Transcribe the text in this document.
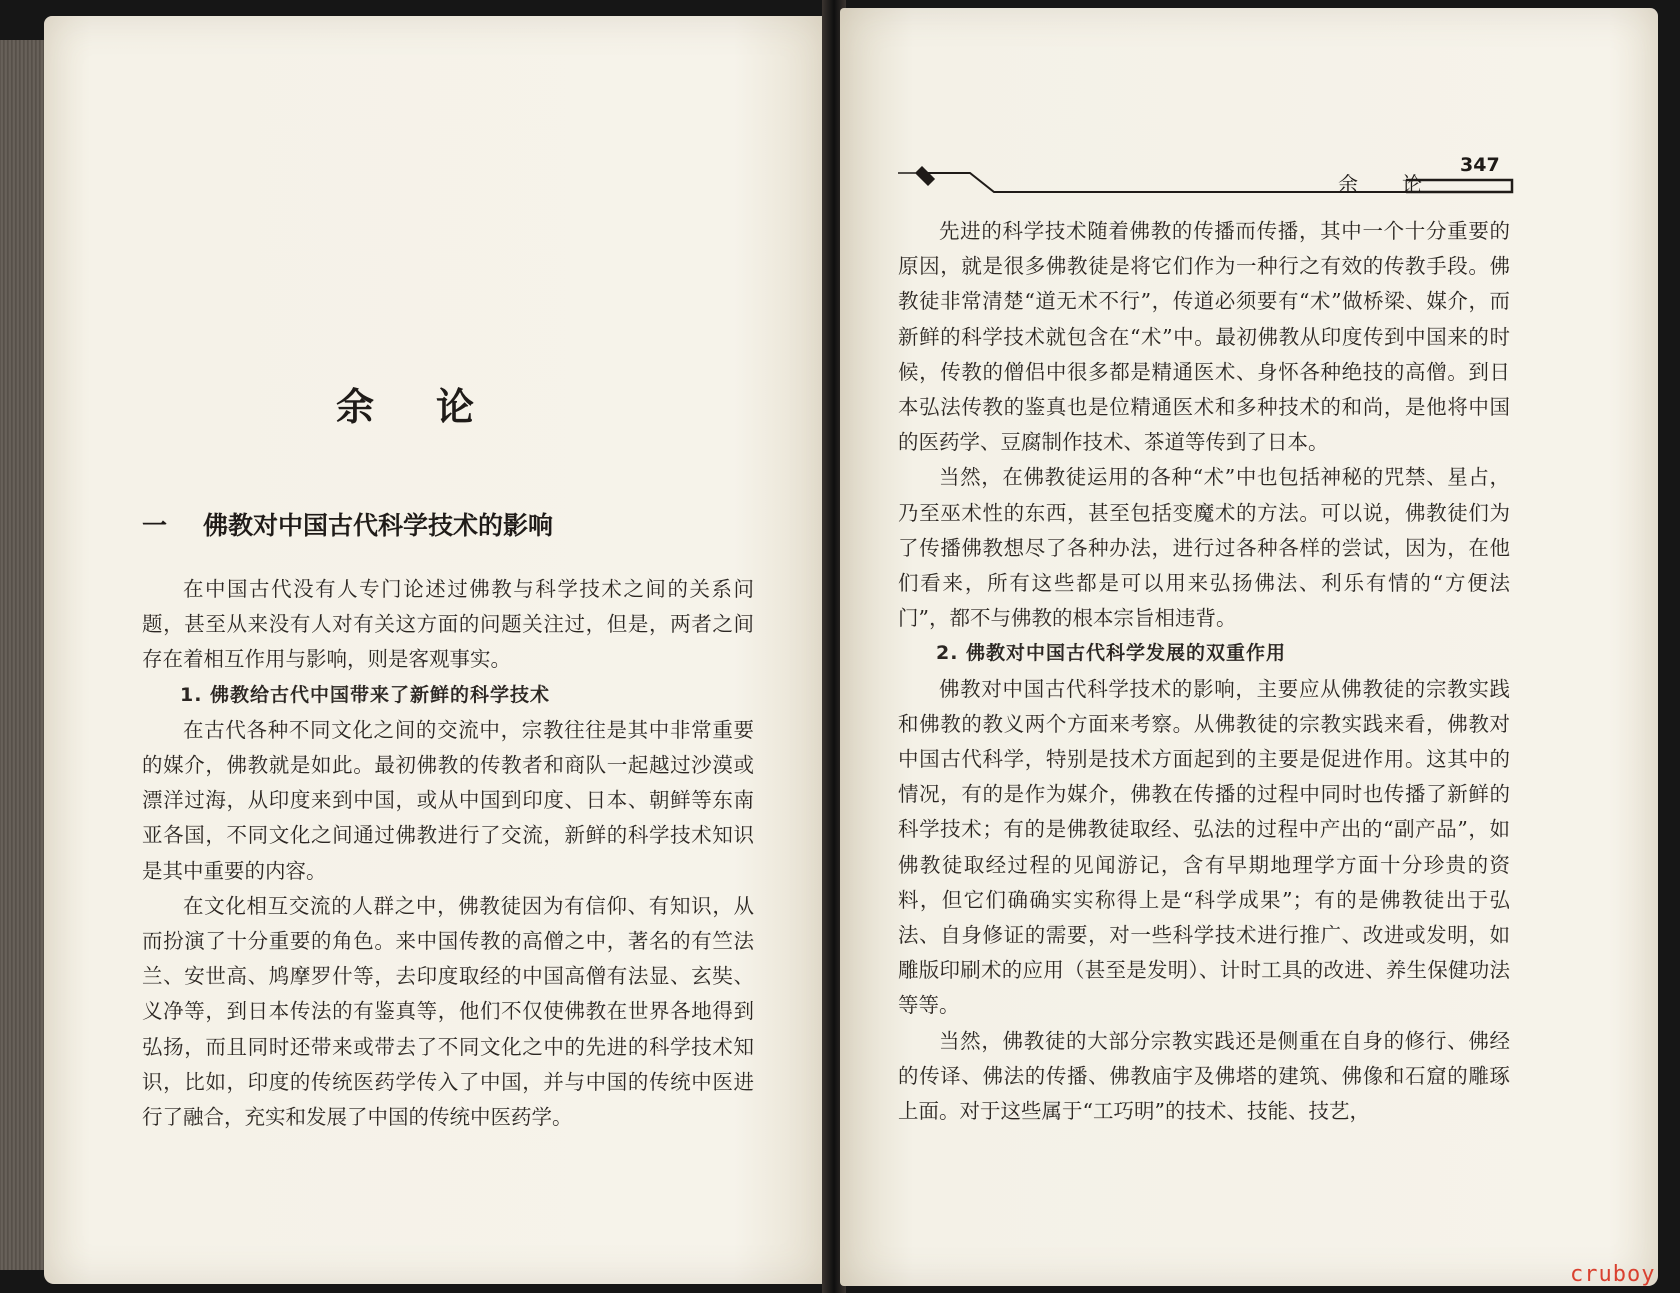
余论
一 佛教对中国古代科学技术的影响

在中国古代没有人专门论述过佛教与科学技术之间的关系问题，甚至从来没有人对有关这方面的问题关注过，但是，两者之间存在着相互作用与影响，则是客观事实。

1. 佛教给古代中国带来了新鲜的科学技术

在古代各种不同文化之间的交流中，宗教往往是其中非常重要的媒介，佛教就是如此。最初佛教的传教者和商队一起越过沙漠或漂洋过海，从印度来到中国，或从中国到印度、日本、朝鲜等东南亚各国，不同文化之间通过佛教进行了交流，新鲜的科学技术知识是其中重要的内容。

在文化相互交流的人群之中，佛教徒因为有信仰、有知识，从而扮演了十分重要的角色。来中国传教的高僧之中，著名的有竺法兰、安世高、鸠摩罗什等，去印度取经的中国高僧有法显、玄奘、义净等，到日本传法的有鉴真等，他们不仅使佛教在世界各地得到弘扬，而且同时还带来或带去了不同文化之中的先进的科学技术知识，比如，印度的传统医药学传入了中国，并与中国的传统中医进行了融合，充实和发展了中国的传统中医药学。

余论
347

先进的科学技术随着佛教的传播而传播，其中一个十分重要的原因，就是很多佛教徒是将它们作为一种行之有效的传教手段。佛教徒非常清楚“道无术不行”，传道必须要有“术”做桥梁、媒介，而新鲜的科学技术就包含在“术”中。最初佛教从印度传到中国来的时候，传教的僧侣中很多都是精通医术、身怀各种绝技的高僧。到日本弘法传教的鉴真也是位精通医术和多种技术的和尚，是他将中国的医药学、豆腐制作技术、茶道等传到了日本。

当然，在佛教徒运用的各种“术”中也包括神秘的咒禁、星占，乃至巫术性的东西，甚至包括变魔术的方法。可以说，佛教徒们为了传播佛教想尽了各种办法，进行过各种各样的尝试，因为，在他们看来，所有这些都是可以用来弘扬佛法、利乐有情的“方便法门”，都不与佛教的根本宗旨相违背。

2. 佛教对中国古代科学发展的双重作用

佛教对中国古代科学技术的影响，主要应从佛教徒的宗教实践和佛教的教义两个方面来考察。从佛教徒的宗教实践来看，佛教对中国古代科学，特别是技术方面起到的主要是促进作用。这其中的情况，有的是作为媒介，佛教在传播的过程中同时也传播了新鲜的科学技术；有的是佛教徒取经、弘法的过程中产出的“副产品”，如佛教徒取经过程的见闻游记，含有早期地理学方面十分珍贵的资料，但它们确确实实称得上是“科学成果”；有的是佛教徒出于弘法、自身修证的需要，对一些科学技术进行推广、改进或发明，如雕版印刷术的应用（甚至是发明）、计时工具的改进、养生保健功法等等。

当然，佛教徒的大部分宗教实践还是侧重在自身的修行、佛经的传译、佛法的传播、佛教庙宇及佛塔的建筑、佛像和石窟的雕琢上面。对于这些属于“工巧明”的技术、技能、技艺，

cruboy
